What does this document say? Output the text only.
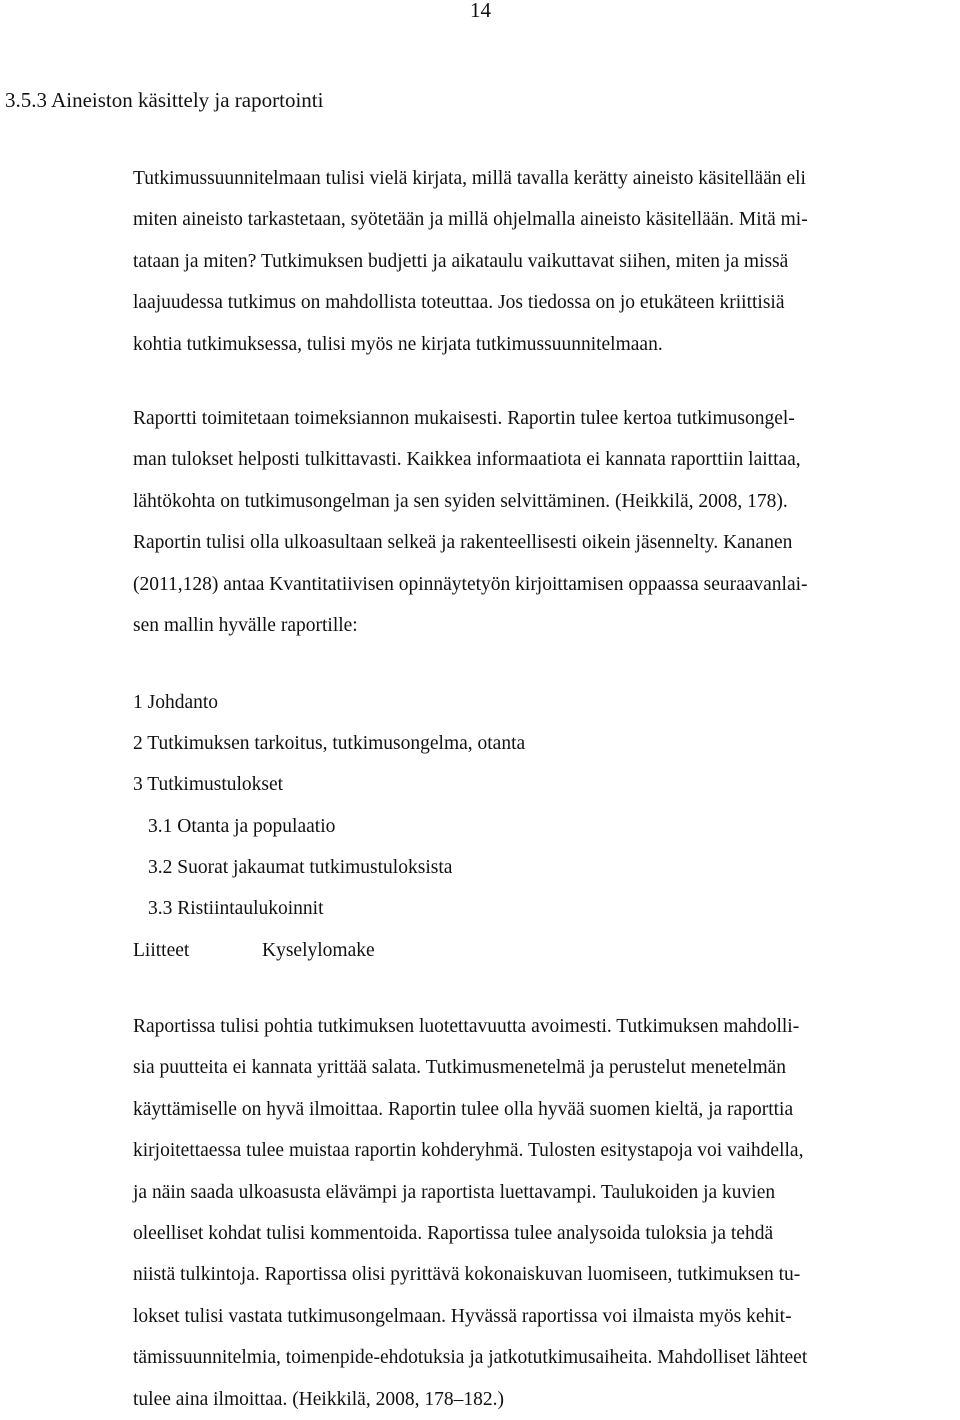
14
3.5.3 Aineiston käsittely ja raportointi
Tutkimussuunnitelmaan tulisi vielä kirjata, millä tavalla kerätty aineisto käsitellään eli
miten aineisto tarkastetaan, syötetään ja millä ohjelmalla aineisto käsitellään. Mitä mi-
tataan ja miten? Tutkimuksen budjetti ja aikataulu vaikuttavat siihen, miten ja missä
laajuudessa tutkimus on mahdollista toteuttaa. Jos tiedossa on jo etukäteen kriittisiä
kohtia tutkimuksessa, tulisi myös ne kirjata tutkimussuunnitelmaan.
Raportti toimitetaan toimeksiannon mukaisesti. Raportin tulee kertoa tutkimusongel-
man tulokset helposti tulkittavasti. Kaikkea informaatiota ei kannata raporttiin laittaa,
lähtökohta on tutkimusongelman ja sen syiden selvittäminen. (Heikkilä, 2008, 178).
Raportin tulisi olla ulkoasultaan selkeä ja rakenteellisesti oikein jäsennelty. Kananen
(2011,128) antaa Kvantitatiivisen opinnäytetyön kirjoittamisen oppaassa seuraavanlai-
sen mallin hyvälle raportille:
1 Johdanto
2 Tutkimuksen tarkoitus, tutkimusongelma, otanta
3 Tutkimustulokset
3.1 Otanta ja populaatio
3.2 Suorat jakaumat tutkimustuloksista
3.3 Ristiintaulukoinnit
Liitteet	Kyselylomake
Raportissa tulisi pohtia tutkimuksen luotettavuutta avoimesti. Tutkimuksen mahdolli-
sia puutteita ei kannata yrittää salata. Tutkimusmenetelmä ja perustelut menetelmän
käyttämiselle on hyvä ilmoittaa. Raportin tulee olla hyvää suomen kieltä, ja raporttia
kirjoitettaessa tulee muistaa raportin kohderyhmä. Tulosten esitystapoja voi vaihdella,
ja näin saada ulkoasusta elävämpi ja raportista luettavampi. Taulukoiden ja kuvien
oleelliset kohdat tulisi kommentoida. Raportissa tulee analysoida tuloksia ja tehdä
niistä tulkintoja. Raportissa olisi pyrittävä kokonaiskuvan luomiseen, tutkimuksen tu-
lokset tulisi vastata tutkimusongelmaan. Hyvässä raportissa voi ilmaista myös kehit-
tämissuunnitelmia, toimenpide-ehdotuksia ja jatkotutkimusaiheita. Mahdolliset lähteet
tulee aina ilmoittaa. (Heikkilä, 2008, 178–182.)
